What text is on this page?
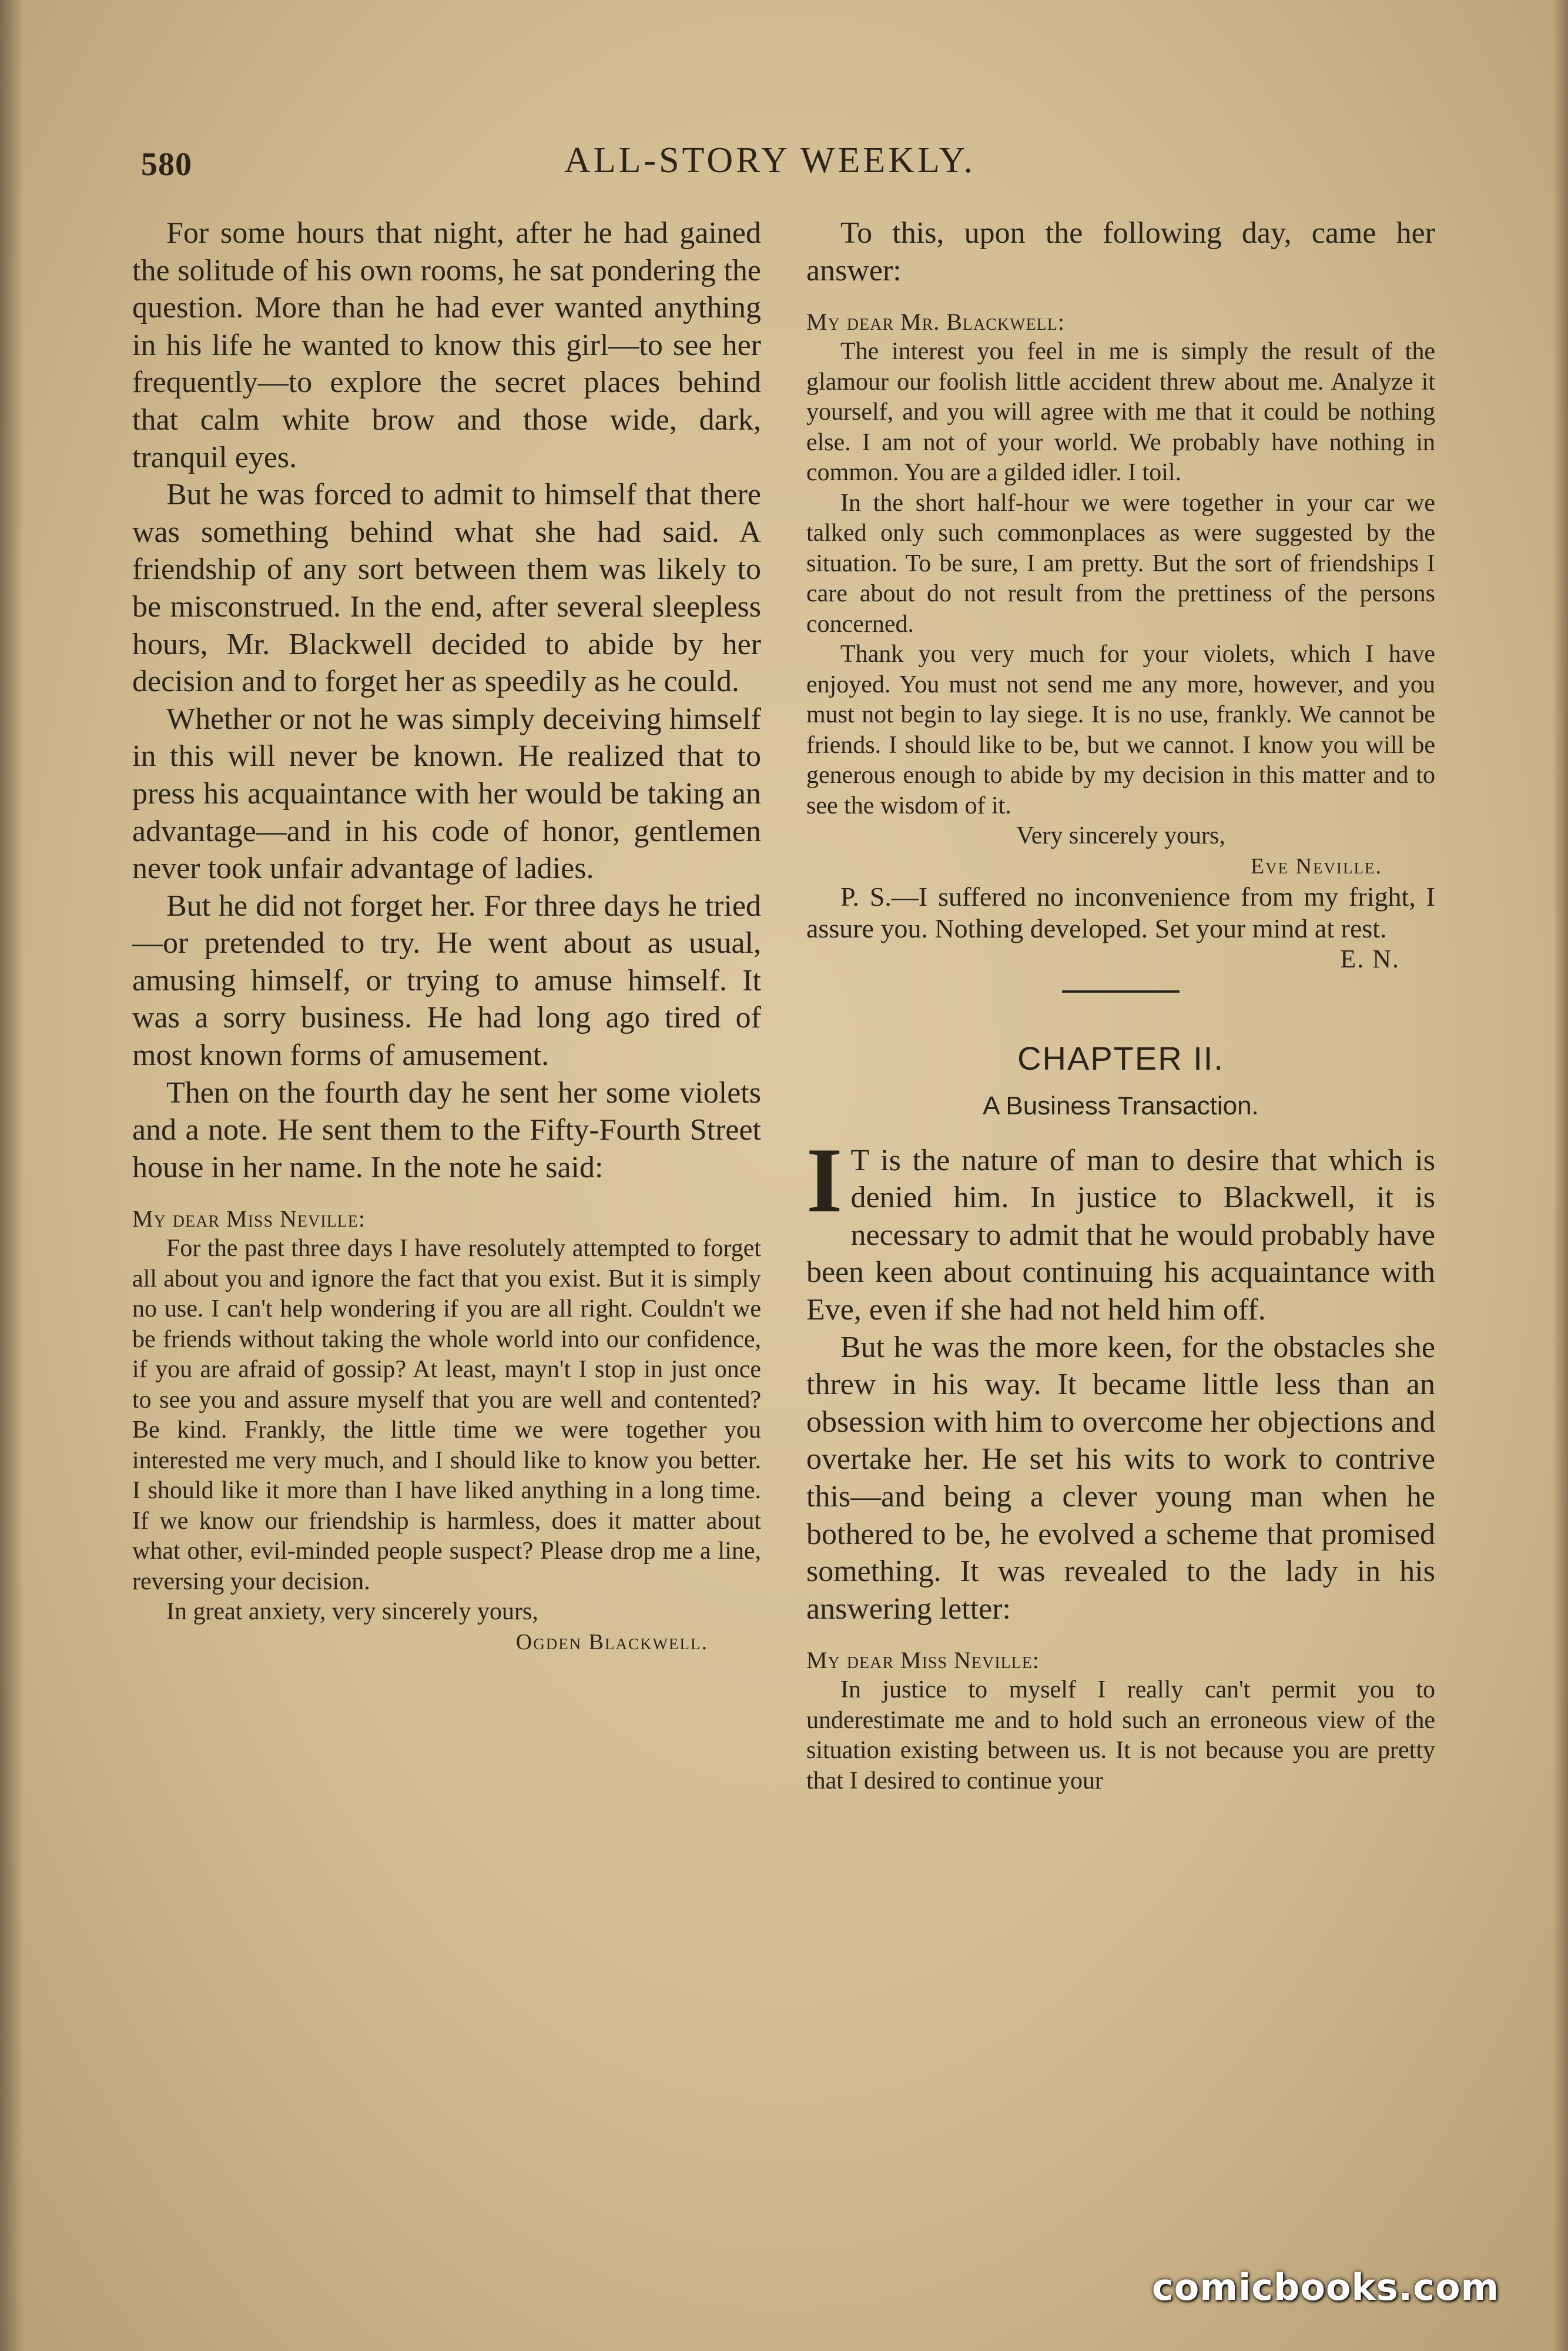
580	ALL-STORY WEEKLY.

For some hours that night, after he had gained the solitude of his own rooms, he sat pondering the question. More than he had ever wanted anything in his life he wanted to know this girl—to see her frequently—to explore the secret places behind that calm white brow and those wide, dark, tranquil eyes.

But he was forced to admit to himself that there was something behind what she had said. A friendship of any sort between them was likely to be misconstrued. In the end, after several sleepless hours, Mr. Blackwell decided to abide by her decision and to forget her as speedily as he could.

Whether or not he was simply deceiving himself in this will never be known. He realized that to press his acquaintance with her would be taking an advantage—and in his code of honor, gentlemen never took unfair advantage of ladies.

But he did not forget her. For three days he tried—or pretended to try. He went about as usual, amusing himself, or trying to amuse himself. It was a sorry business. He had long ago tired of most known forms of amusement.

Then on the fourth day he sent her some violets and a note. He sent them to the Fifty-Fourth Street house in her name. In the note he said:

My dear Miss Neville:

For the past three days I have resolutely attempted to forget all about you and ignore the fact that you exist. But it is simply no use. I can't help wondering if you are all right. Couldn't we be friends without taking the whole world into our confidence, if you are afraid of gossip? At least, mayn't I stop in just once to see you and assure myself that you are well and contented? Be kind. Frankly, the little time we were together you interested me very much, and I should like to know you better. I should like it more than I have liked anything in a long time. If we know our friendship is harmless, does it matter about what other, evil-minded people suspect? Please drop me a line, reversing your decision.

In great anxiety, very sincerely yours,

Ogden Blackwell.

To this, upon the following day, came her answer:

My dear Mr. Blackwell:

The interest you feel in me is simply the result of the glamour our foolish little accident threw about me. Analyze it yourself, and you will agree with me that it could be nothing else. I am not of your world. We probably have nothing in common. You are a gilded idler. I toil.

In the short half-hour we were together in your car we talked only such commonplaces as were suggested by the situation. To be sure, I am pretty. But the sort of friendships I care about do not result from the prettiness of the persons concerned.

Thank you very much for your violets, which I have enjoyed. You must not send me any more, however, and you must not begin to lay siege. It is no use, frankly. We cannot be friends. I should like to be, but we cannot. I know you will be generous enough to abide by my decision in this matter and to see the wisdom of it.

Very sincerely yours,

Eve Neville.

P. S.—I suffered no inconvenience from my fright, I assure you. Nothing developed. Set your mind at rest.

E. N.

CHAPTER II.

A Business Transaction.

I T is the nature of man to desire that which is denied him. In justice to Blackwell, it is necessary to admit that he would probably have been keen about continuing his acquaintance with Eve, even if she had not held him off.

But he was the more keen, for the obstacles she threw in his way. It became little less than an obsession with him to overcome her objections and overtake her. He set his wits to work to contrive this—and being a clever young man when he bothered to be, he evolved a scheme that promised something. It was revealed to the lady in his answering letter:

My dear Miss Neville:

In justice to myself I really can't permit you to underestimate me and to hold such an erroneous view of the situation existing between us. It is not because you are pretty that I desired to continue your

comicbooks.com
